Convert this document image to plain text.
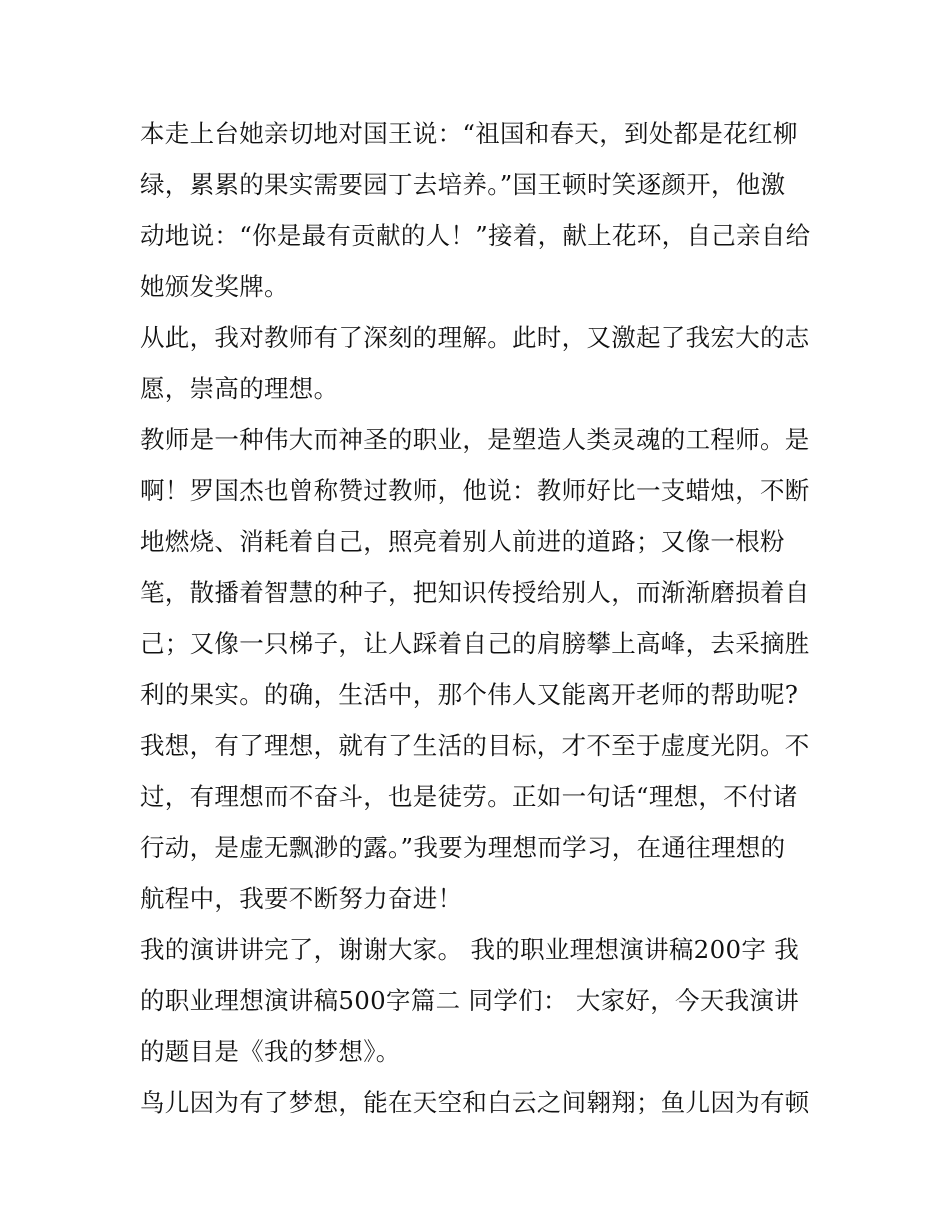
本走上台她亲切地对国王说：“祖国和春天，到处都是花红柳
绿，累累的果实需要园丁去培养。”国王顿时笑逐颜开，他激
动地说：“你是最有贡献的人！”接着，献上花环，自己亲自给
她颁发奖牌。

从此，我对教师有了深刻的理解。此时，又激起了我宏大的志
愿，崇高的理想。

教师是一种伟大而神圣的职业，是塑造人类灵魂的工程师。是
啊！罗国杰也曾称赞过教师，他说：教师好比一支蜡烛，不断
地燃烧、消耗着自己，照亮着别人前进的道路；又像一根粉
笔，散播着智慧的种子，把知识传授给别人，而渐渐磨损着自
己；又像一只梯子，让人踩着自己的肩膀攀上高峰，去采摘胜
利的果实。的确，生活中，那个伟人又能离开老师的帮助呢?

我想，有了理想，就有了生活的目标，才不至于虚度光阴。不
过，有理想而不奋斗，也是徒劳。正如一句话“理想，不付诸
行动，是虚无飘渺的露。”我要为理想而学习，在通往理想的
航程中，我要不断努力奋进！

我的演讲讲完了，谢谢大家。 我的职业理想演讲稿200字 我
的职业理想演讲稿500字篇二 同学们： 大家好，今天我演讲
的题目是《我的梦想》。

鸟儿因为有了梦想，能在天空和白云之间翱翔；鱼儿因为有顿
